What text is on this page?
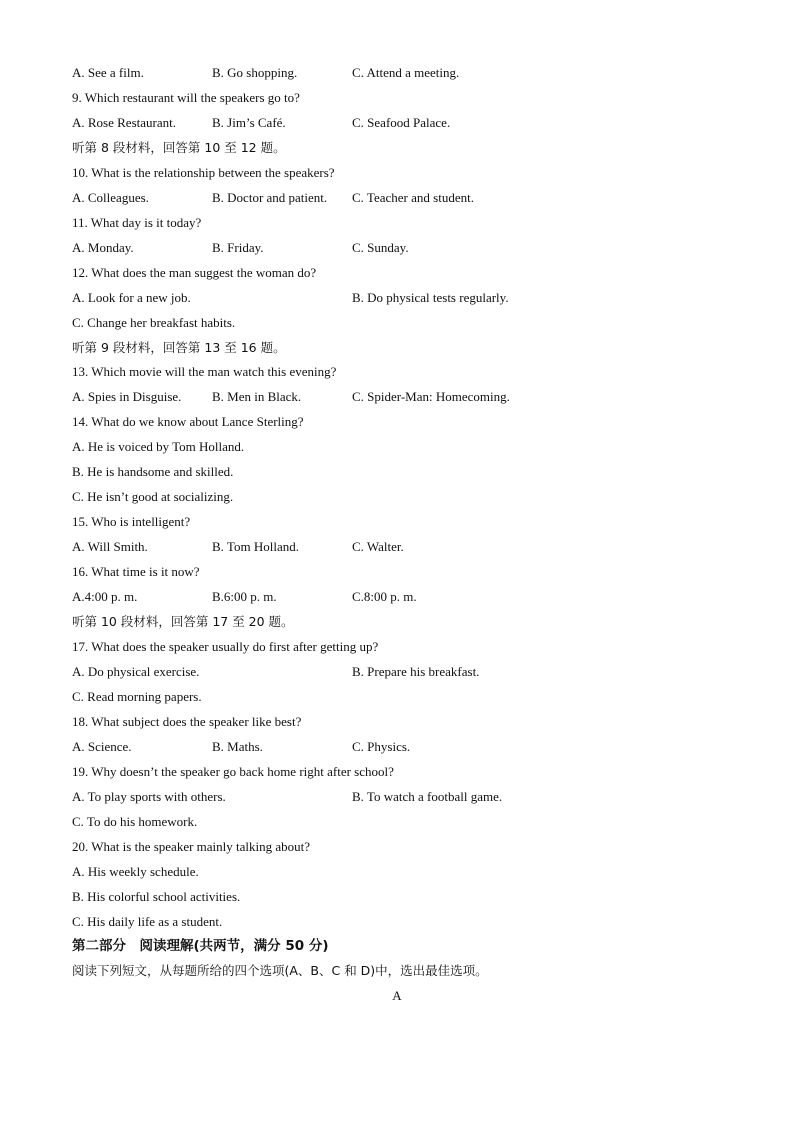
A. See a film.	B. Go shopping.	C. Attend a meeting.
9. Which restaurant will the speakers go to?
A. Rose Restaurant.	B. Jim’s Café.	C. Seafood Palace.
听第 8 段材料，回答第 10 至 12 题。
10. What is the relationship between the speakers?
A. Colleagues.	B. Doctor and patient. C. Teacher and student.
11. What day is it today?
A. Monday.	B. Friday.	C. Sunday.
12. What does the man suggest the woman do?
A. Look for a new job.	B. Do physical tests regularly.
C. Change her breakfast habits.
听第 9 段材料，回答第 13 至 16 题。
13. Which movie will the man watch this evening?
A. Spies in Disguise. B. Men in Black.	C. Spider-Man: Homecoming.
14. What do we know about Lance Sterling?
A. He is voiced by Tom Holland.
B. He is handsome and skilled.
C. He isn’t good at socializing.
15. Who is intelligent?
A. Will Smith.	B. Tom Holland.	C. Walter.
16. What time is it now?
A.4:00 p. m.	B.6:00 p. m.	C.8:00 p. m.
听第 10 段材料，回答第 17 至 20 题。
17. What does the speaker usually do first after getting up?
A. Do physical exercise.	B. Prepare his breakfast.
C. Read morning papers.
18. What subject does the speaker like best?
A. Science.	B. Maths.	C. Physics.
19. Why doesn’t the speaker go back home right after school?
A. To play sports with others.	B. To watch a football game.
C. To do his homework.
20. What is the speaker mainly talking about?
A. His weekly schedule.
B. His colorful school activities.
C. His daily life as a student.
第二部分　阅读理解(共两节，满分 50 分)
阅读下列短文，从每题所给的四个选项(A、B、C 和 D)中，选出最佳选项。
A
